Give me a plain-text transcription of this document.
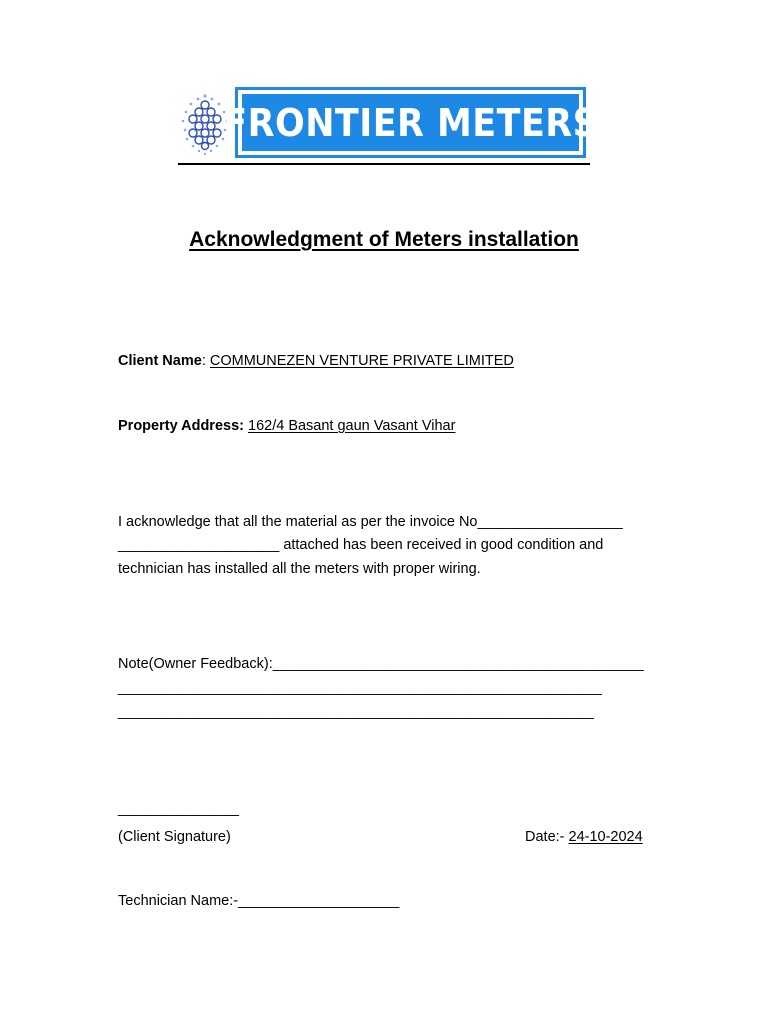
FRONTIER METERS
Acknowledgment of Meters installation
Client Name: COMMUNEZEN VENTURE PRIVATE LIMITED
Property Address: 162/4 Basant gaun Vasant Vihar
I acknowledge that all the material as per the invoice No__________________
____________________ attached has been received in good condition and
technician has installed all the meters with proper wiring.
Note(Owner Feedback):______________________________________________
____________________________________________________________
___________________________________________________________
_______________
(Client Signature)	Date:- 24-10-2024
Technician Name:-____________________
